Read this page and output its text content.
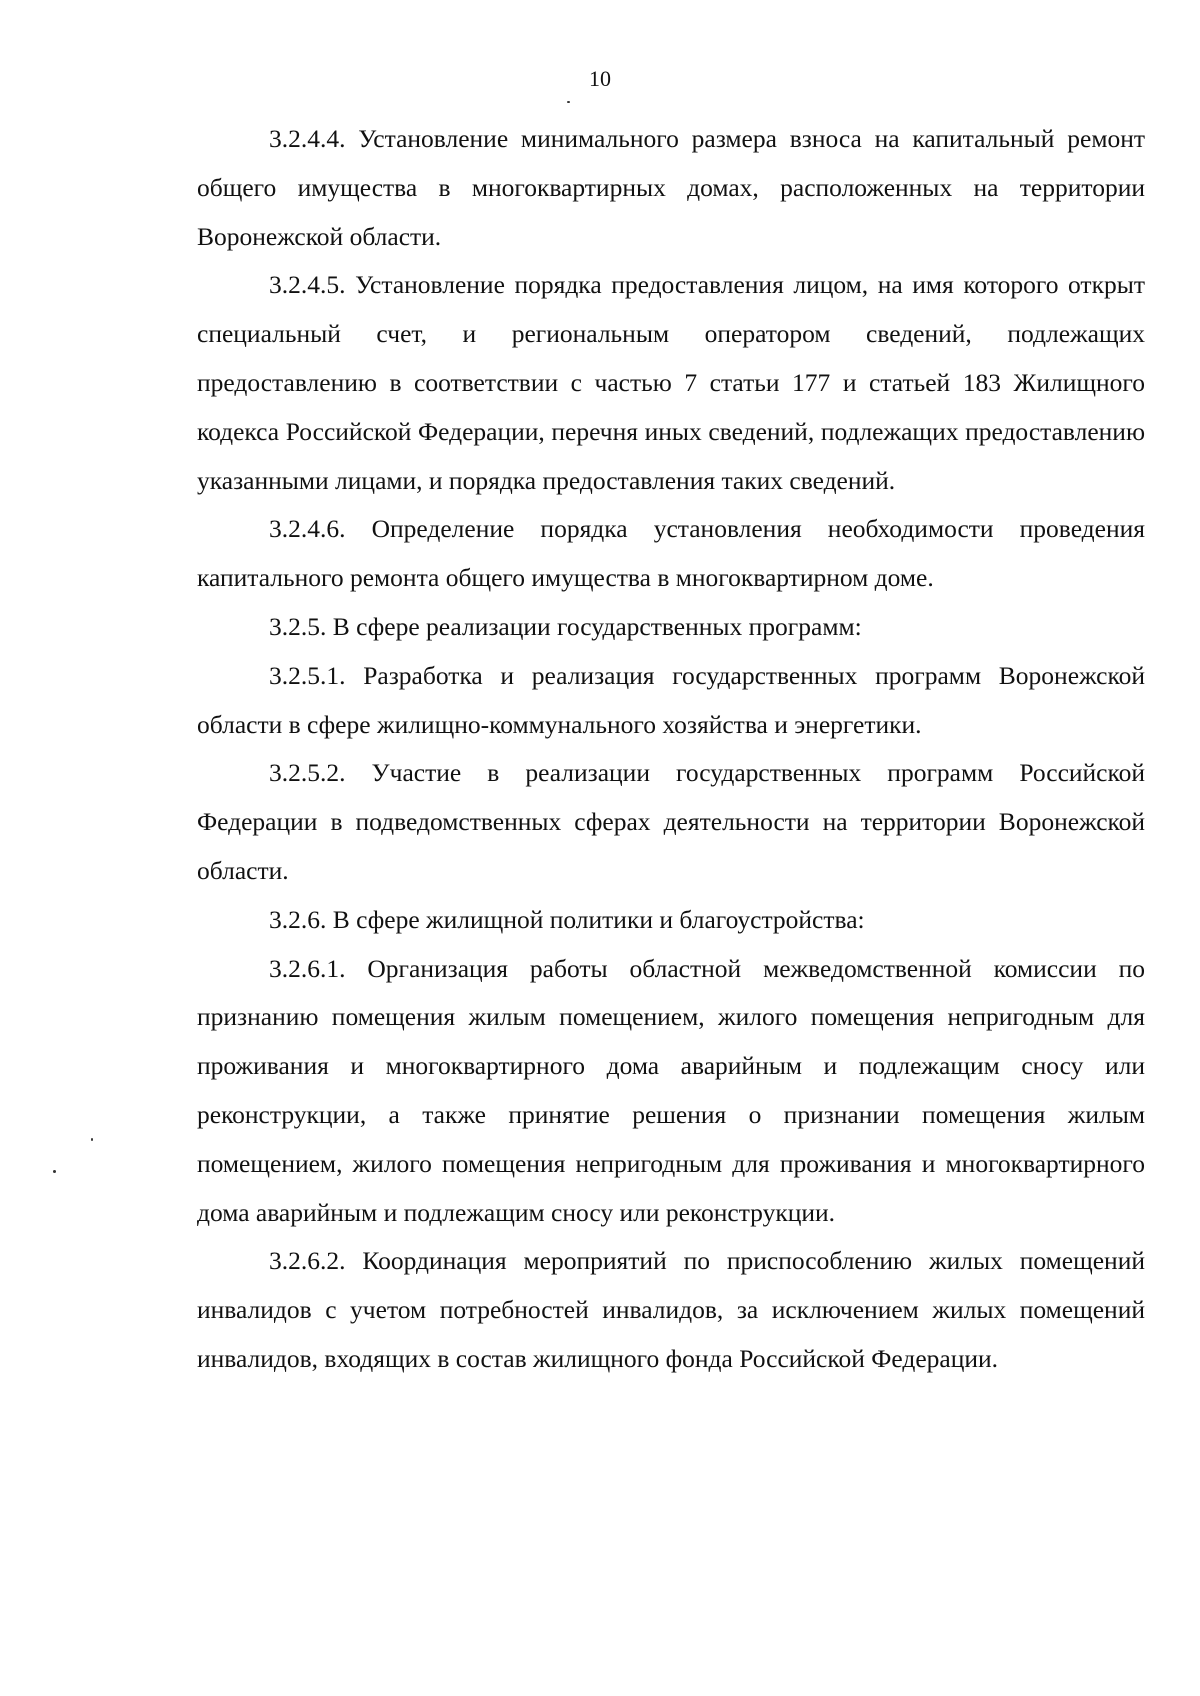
10

3.2.4.4. Установление минимального размера взноса на капитальный ремонт общего имущества в многоквартирных домах, расположенных на территории Воронежской области.

3.2.4.5. Установление порядка предоставления лицом, на имя которого открыт специальный счет, и региональным оператором сведений, подлежащих предоставлению в соответствии с частью 7 статьи 177 и статьей 183 Жилищного кодекса Российской Федерации, перечня иных сведений, подлежащих предоставлению указанными лицами, и порядка предоставления таких сведений.

3.2.4.6. Определение порядка установления необходимости проведения капитального ремонта общего имущества в многоквартирном доме.

3.2.5. В сфере реализации государственных программ:

3.2.5.1. Разработка и реализация государственных программ Воронежской области в сфере жилищно-коммунального хозяйства и энергетики.

3.2.5.2. Участие в реализации государственных программ Российской Федерации в подведомственных сферах деятельности на территории Воронежской области.

3.2.6. В сфере жилищной политики и благоустройства:

3.2.6.1. Организация работы областной межведомственной комиссии по признанию помещения жилым помещением, жилого помещения непригодным для проживания и многоквартирного дома аварийным и подлежащим сносу или реконструкции, а также принятие решения о признании помещения жилым помещением, жилого помещения непригодным для проживания и многоквартирного дома аварийным и подлежащим сносу или реконструкции.

3.2.6.2. Координация мероприятий по приспособлению жилых помещений инвалидов с учетом потребностей инвалидов, за исключением жилых помещений инвалидов, входящих в состав жилищного фонда Российской Федерации.
